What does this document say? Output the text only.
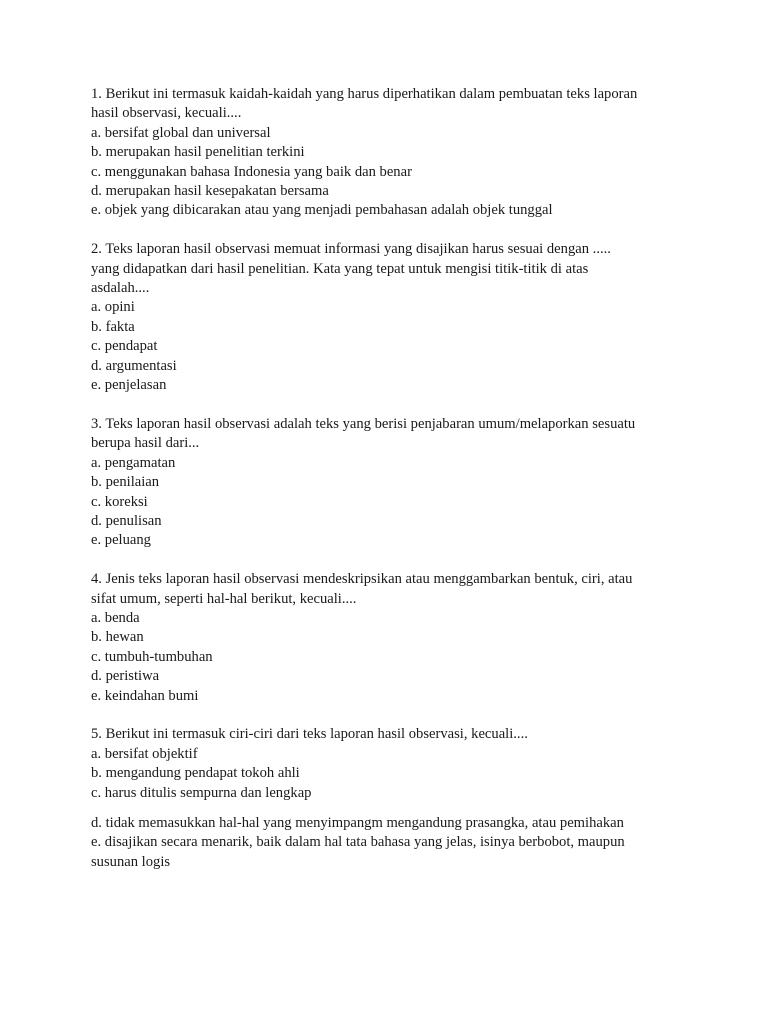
1. Berikut ini termasuk kaidah-kaidah yang harus diperhatikan dalam pembuatan teks laporan
hasil observasi, kecuali....
a. bersifat global dan universal
b. merupakan hasil penelitian terkini
c. menggunakan bahasa Indonesia yang baik dan benar
d. merupakan hasil kesepakatan bersama
e. objek yang dibicarakan atau yang menjadi pembahasan adalah objek tunggal
2. Teks laporan hasil observasi memuat informasi yang disajikan harus sesuai dengan .....
yang didapatkan dari hasil penelitian. Kata yang tepat untuk mengisi titik-titik di atas
asdalah....
a. opini
b. fakta
c. pendapat
d. argumentasi
e. penjelasan
3. Teks laporan hasil observasi adalah teks yang berisi penjabaran umum/melaporkan sesuatu
berupa hasil dari...
a. pengamatan
b. penilaian
c. koreksi
d. penulisan
e. peluang
4. Jenis teks laporan hasil observasi mendeskripsikan atau menggambarkan bentuk, ciri, atau
sifat umum, seperti hal-hal berikut, kecuali....
a. benda
b. hewan
c. tumbuh-tumbuhan
d. peristiwa
e. keindahan bumi
5. Berikut ini termasuk ciri-ciri dari teks laporan hasil observasi, kecuali....
a. bersifat objektif
b. mengandung pendapat tokoh ahli
c. harus ditulis sempurna dan lengkap
d. tidak memasukkan hal-hal yang menyimpangm mengandung prasangka, atau pemihakan
e. disajikan secara menarik, baik dalam hal tata bahasa yang jelas, isinya berbobot, maupun
susunan logis
